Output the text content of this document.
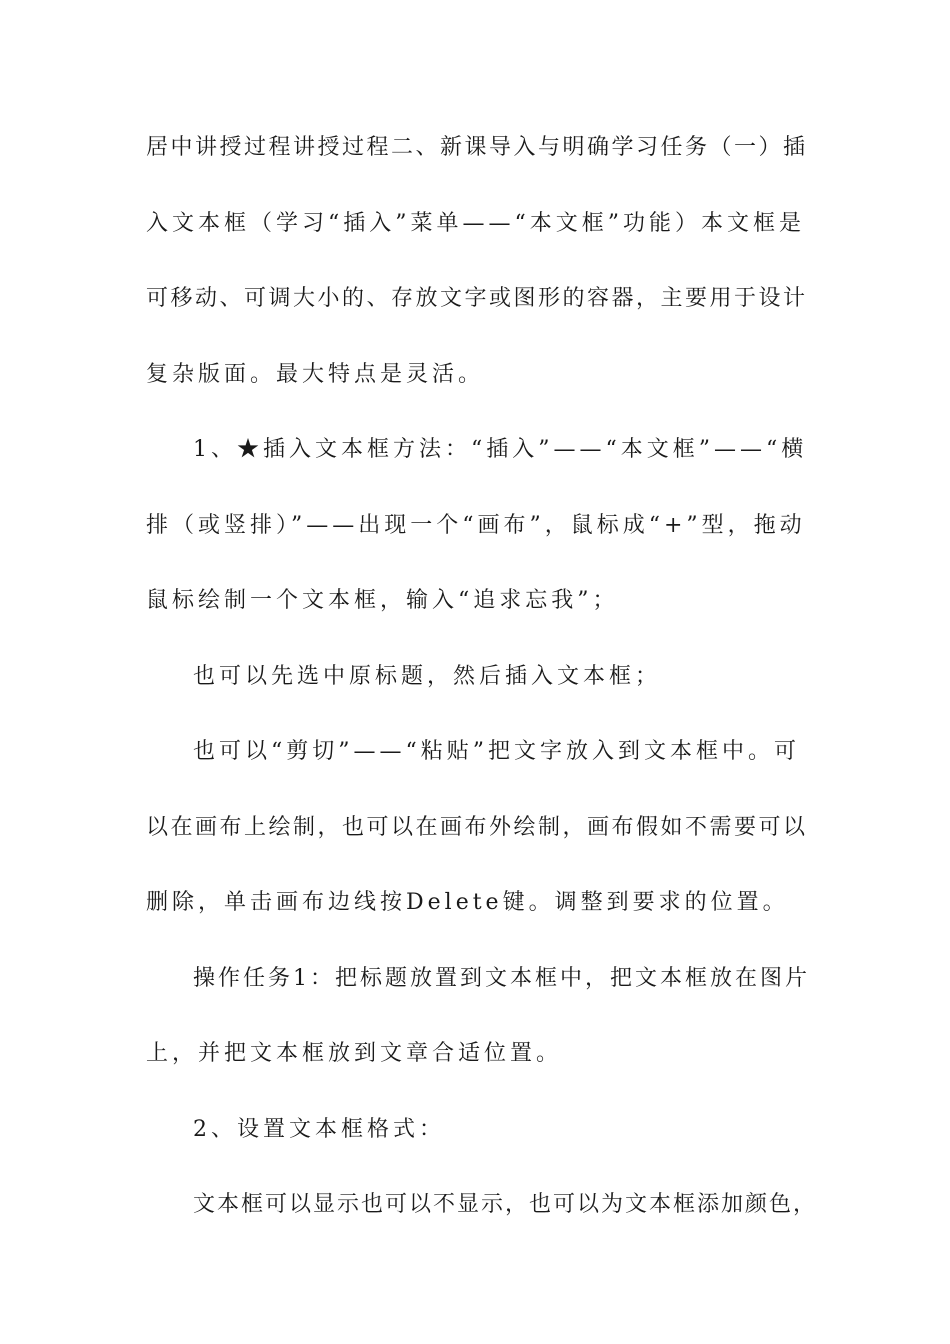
居中讲授过程讲授过程二、新课导入与明确学习任务（一）插
入文本框（学习“插入”菜单——“本文框”功能）本文框是
可移动、可调大小的、存放文字或图形的容器，主要用于设计
复杂版面。最大特点是灵活。
1、★插入文本框方法：“插入”——“本文框”——“横
排（或竖排）”——出现一个“画布”，鼠标成“+”型，拖动
鼠标绘制一个文本框，输入“追求忘我”；
也可以先选中原标题，然后插入文本框；
也可以“剪切”——“粘贴”把文字放入到文本框中。可
以在画布上绘制，也可以在画布外绘制，画布假如不需要可以
删除，单击画布边线按Delete键。调整到要求的位置。
操作任务1：把标题放置到文本框中，把文本框放在图片
上，并把文本框放到文章合适位置。
2、设置文本框格式：
文本框可以显示也可以不显示，也可以为文本框添加颜色，
